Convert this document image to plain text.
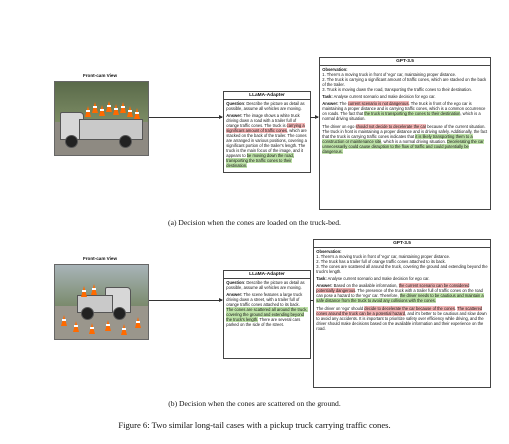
Front-cam View
LLaMA-Adapter
Question: Describe the picture as detail as possible, assume all vehicles are moving.
Answer: The image shows a white truck driving down a road with a trailer full of orange traffic cones. The truck is carrying a significant amount of traffic cones, which are stacked on the back of the trailer. The cones are arranged in various positions, covering a significant portion of the trailer's length. The truck is the main focus of the image, and it appears to be moving down the road, transporting the traffic cones to their destination.
GPT-3.5
Observation:
1. There's a moving truck in front of 'ego' car, maintaining proper distance.
2. The truck is carrying a significant amount of traffic cones, which are stacked on the back of the trailer.
3. Truck is moving down the road, transporting the traffic cones to their destination.
Task: Analyse current scenario and make decision for ego car.
Answer: The current scenario is not dangerous. The truck in front of the ego car is maintaining a proper distance and is carrying traffic cones, which is a common occurrence on roads. The fact that the truck is transporting the cones to their destination, which is a normal driving situation.
The driver on ego should not decide to decelerate the car because of the current situation. The truck in front is maintaining a proper distance and is driving safely. Additionally, the fact that the truck is carrying traffic cones indicates that it is likely transporting them to a construction or maintenance site, which is a normal driving situation. Decelerating the car unnecessarily could cause disruption to the flow of traffic and could potentially be dangerous.
(a) Decision when the cones are loaded on the truck-bed.
Front-cam View
LLaMA-Adapter
Question: Describe the picture as detail as possible, assume all vehicles are moving.
Answer: The scene features a large truck driving down a street, with a trailer full of orange traffic cones attached to its back. The cones are scattered all around the truck, covering the ground and extending beyond the truck's length. There are several cars parked on the side of the street.
GPT-3.5
Observation:
1. There's a moving truck in front of 'ego' car, maintaining proper distance.
2. The truck has a trailer full of orange traffic cones attached to its back.
3. The cones are scattered all around the truck, covering the ground and extending beyond the truck's length.
Task: Analyse current scenario and make decision for ego car.
Answer: Based on the available information, the current scenario can be considered potentially dangerous. The presence of the truck with a trailer full of traffic cones on the road can pose a hazard to the 'ego' car. Therefore, the driver needs to be cautious and maintain a safe distance from the truck to avoid any collisions with the cones.
The driver on 'ego' should decide to decelerate the car because of the cones. The scattered cones around the truck can be a potential hazard, and it's better to be cautious and slow down to avoid any accidents. It is important to prioritize safety over efficiency while driving, and the driver should make decisions based on the available information and their experience on the road.
(b) Decision when the cones are scattered on the ground.
Figure 6: Two similar long-tail cases with a pickup truck carrying traffic cones.
